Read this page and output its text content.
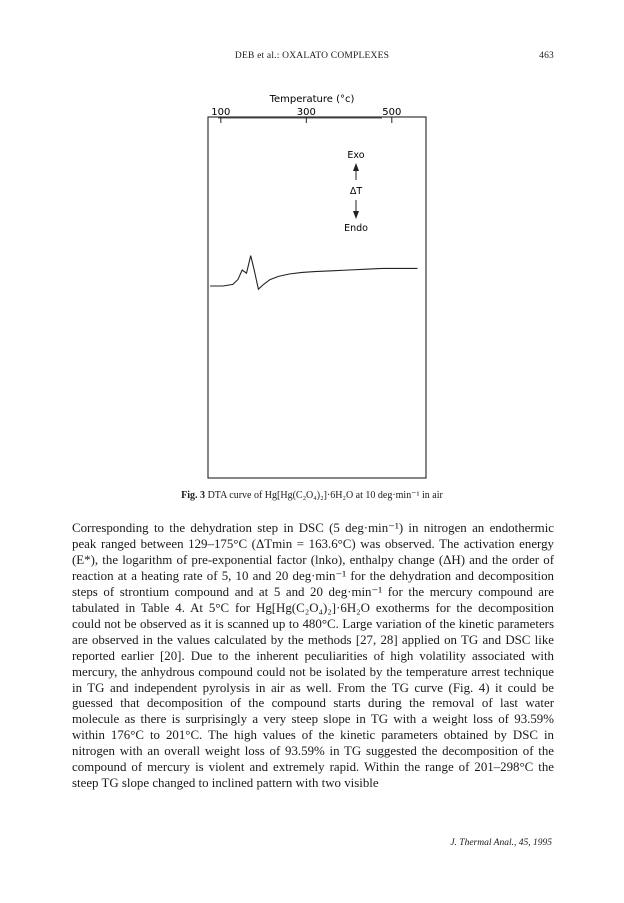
DEB et al.: OXALATO COMPLEXES	463
Temperature (°c)
100	300	500
Exo
ΔT
Endo
Fig. 3 DTA curve of Hg[Hg(C₂O₄)₂]·6H₂O at 10 deg·min⁻¹ in air

Corresponding to the dehydration step in DSC (5 deg·min⁻¹) in nitrogen an endothermic peak ranged between 129–175°C (ΔTmin = 163.6°C) was observed. The activation energy (E*), the logarithm of pre-exponential factor (lnko), enthalpy change (ΔH) and the order of reaction at a heating rate of 5, 10 and 20 deg·min⁻¹ for the dehydration and decomposition steps of strontium compound and at 5 and 20 deg·min⁻¹ for the mercury compound are tabulated in Table 4. At 5°C for Hg[Hg(C₂O₄)₂]·6H₂O exotherms for the decomposition could not be observed as it is scanned up to 480°C. Large variation of the kinetic parameters are observed in the values calculated by the methods [27, 28] applied on TG and DSC like reported earlier [20]. Due to the inherent peculiarities of high volatility associated with mercury, the anhydrous compound could not be isolated by the temperature arrest technique in TG and independent pyrolysis in air as well. From the TG curve (Fig. 4) it could be guessed that decomposition of the compound starts during the removal of last water molecule as there is surprisingly a very steep slope in TG with a weight loss of 93.59% within 176°C to 201°C. The high values of the kinetic parameters obtained by DSC in nitrogen with an overall weight loss of 93.59% in TG suggested the decomposition of the compound of mercury is violent and extremely rapid. Within the range of 201–298°C the steep TG slope changed to inclined pattern with two visible

J. Thermal Anal., 45, 1995
